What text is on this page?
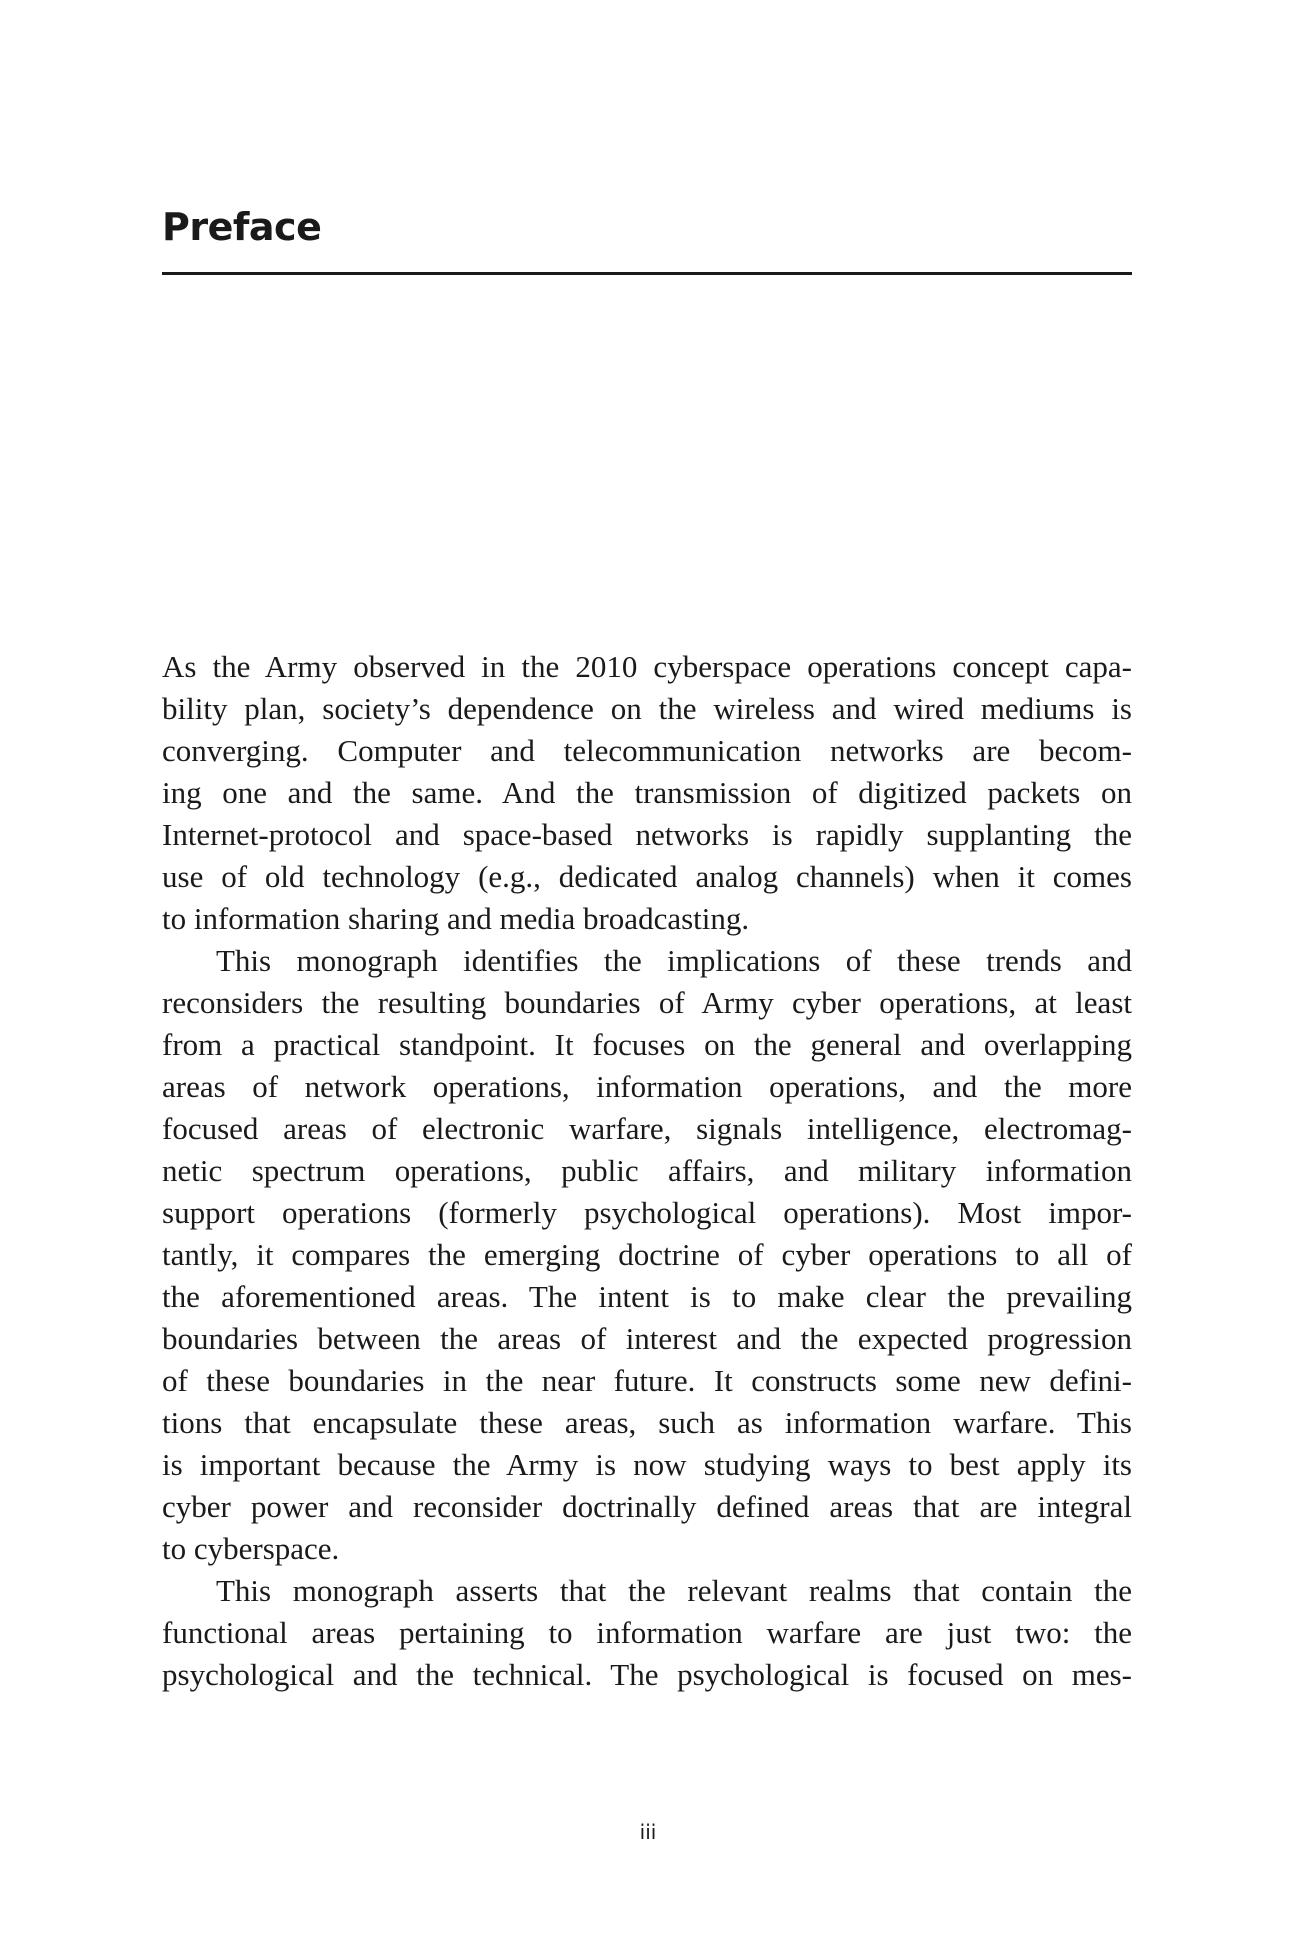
Preface

As the Army observed in the 2010 cyberspace operations concept capa-
bility plan, society’s dependence on the wireless and wired mediums is
converging. Computer and telecommunication networks are becom-
ing one and the same. And the transmission of digitized packets on
Internet-protocol and space-based networks is rapidly supplanting the
use of old technology (e.g., dedicated analog channels) when it comes
to information sharing and media broadcasting.

This monograph identifies the implications of these trends and
reconsiders the resulting boundaries of Army cyber operations, at least
from a practical standpoint. It focuses on the general and overlapping
areas of network operations, information operations, and the more
focused areas of electronic warfare, signals intelligence, electromag-
netic spectrum operations, public affairs, and military information
support operations (formerly psychological operations). Most impor-
tantly, it compares the emerging doctrine of cyber operations to all of
the aforementioned areas. The intent is to make clear the prevailing
boundaries between the areas of interest and the expected progression
of these boundaries in the near future. It constructs some new defini-
tions that encapsulate these areas, such as information warfare. This
is important because the Army is now studying ways to best apply its
cyber power and reconsider doctrinally defined areas that are integral
to cyberspace.

This monograph asserts that the relevant realms that contain the
functional areas pertaining to information warfare are just two: the
psychological and the technical. The psychological is focused on mes-

iii
